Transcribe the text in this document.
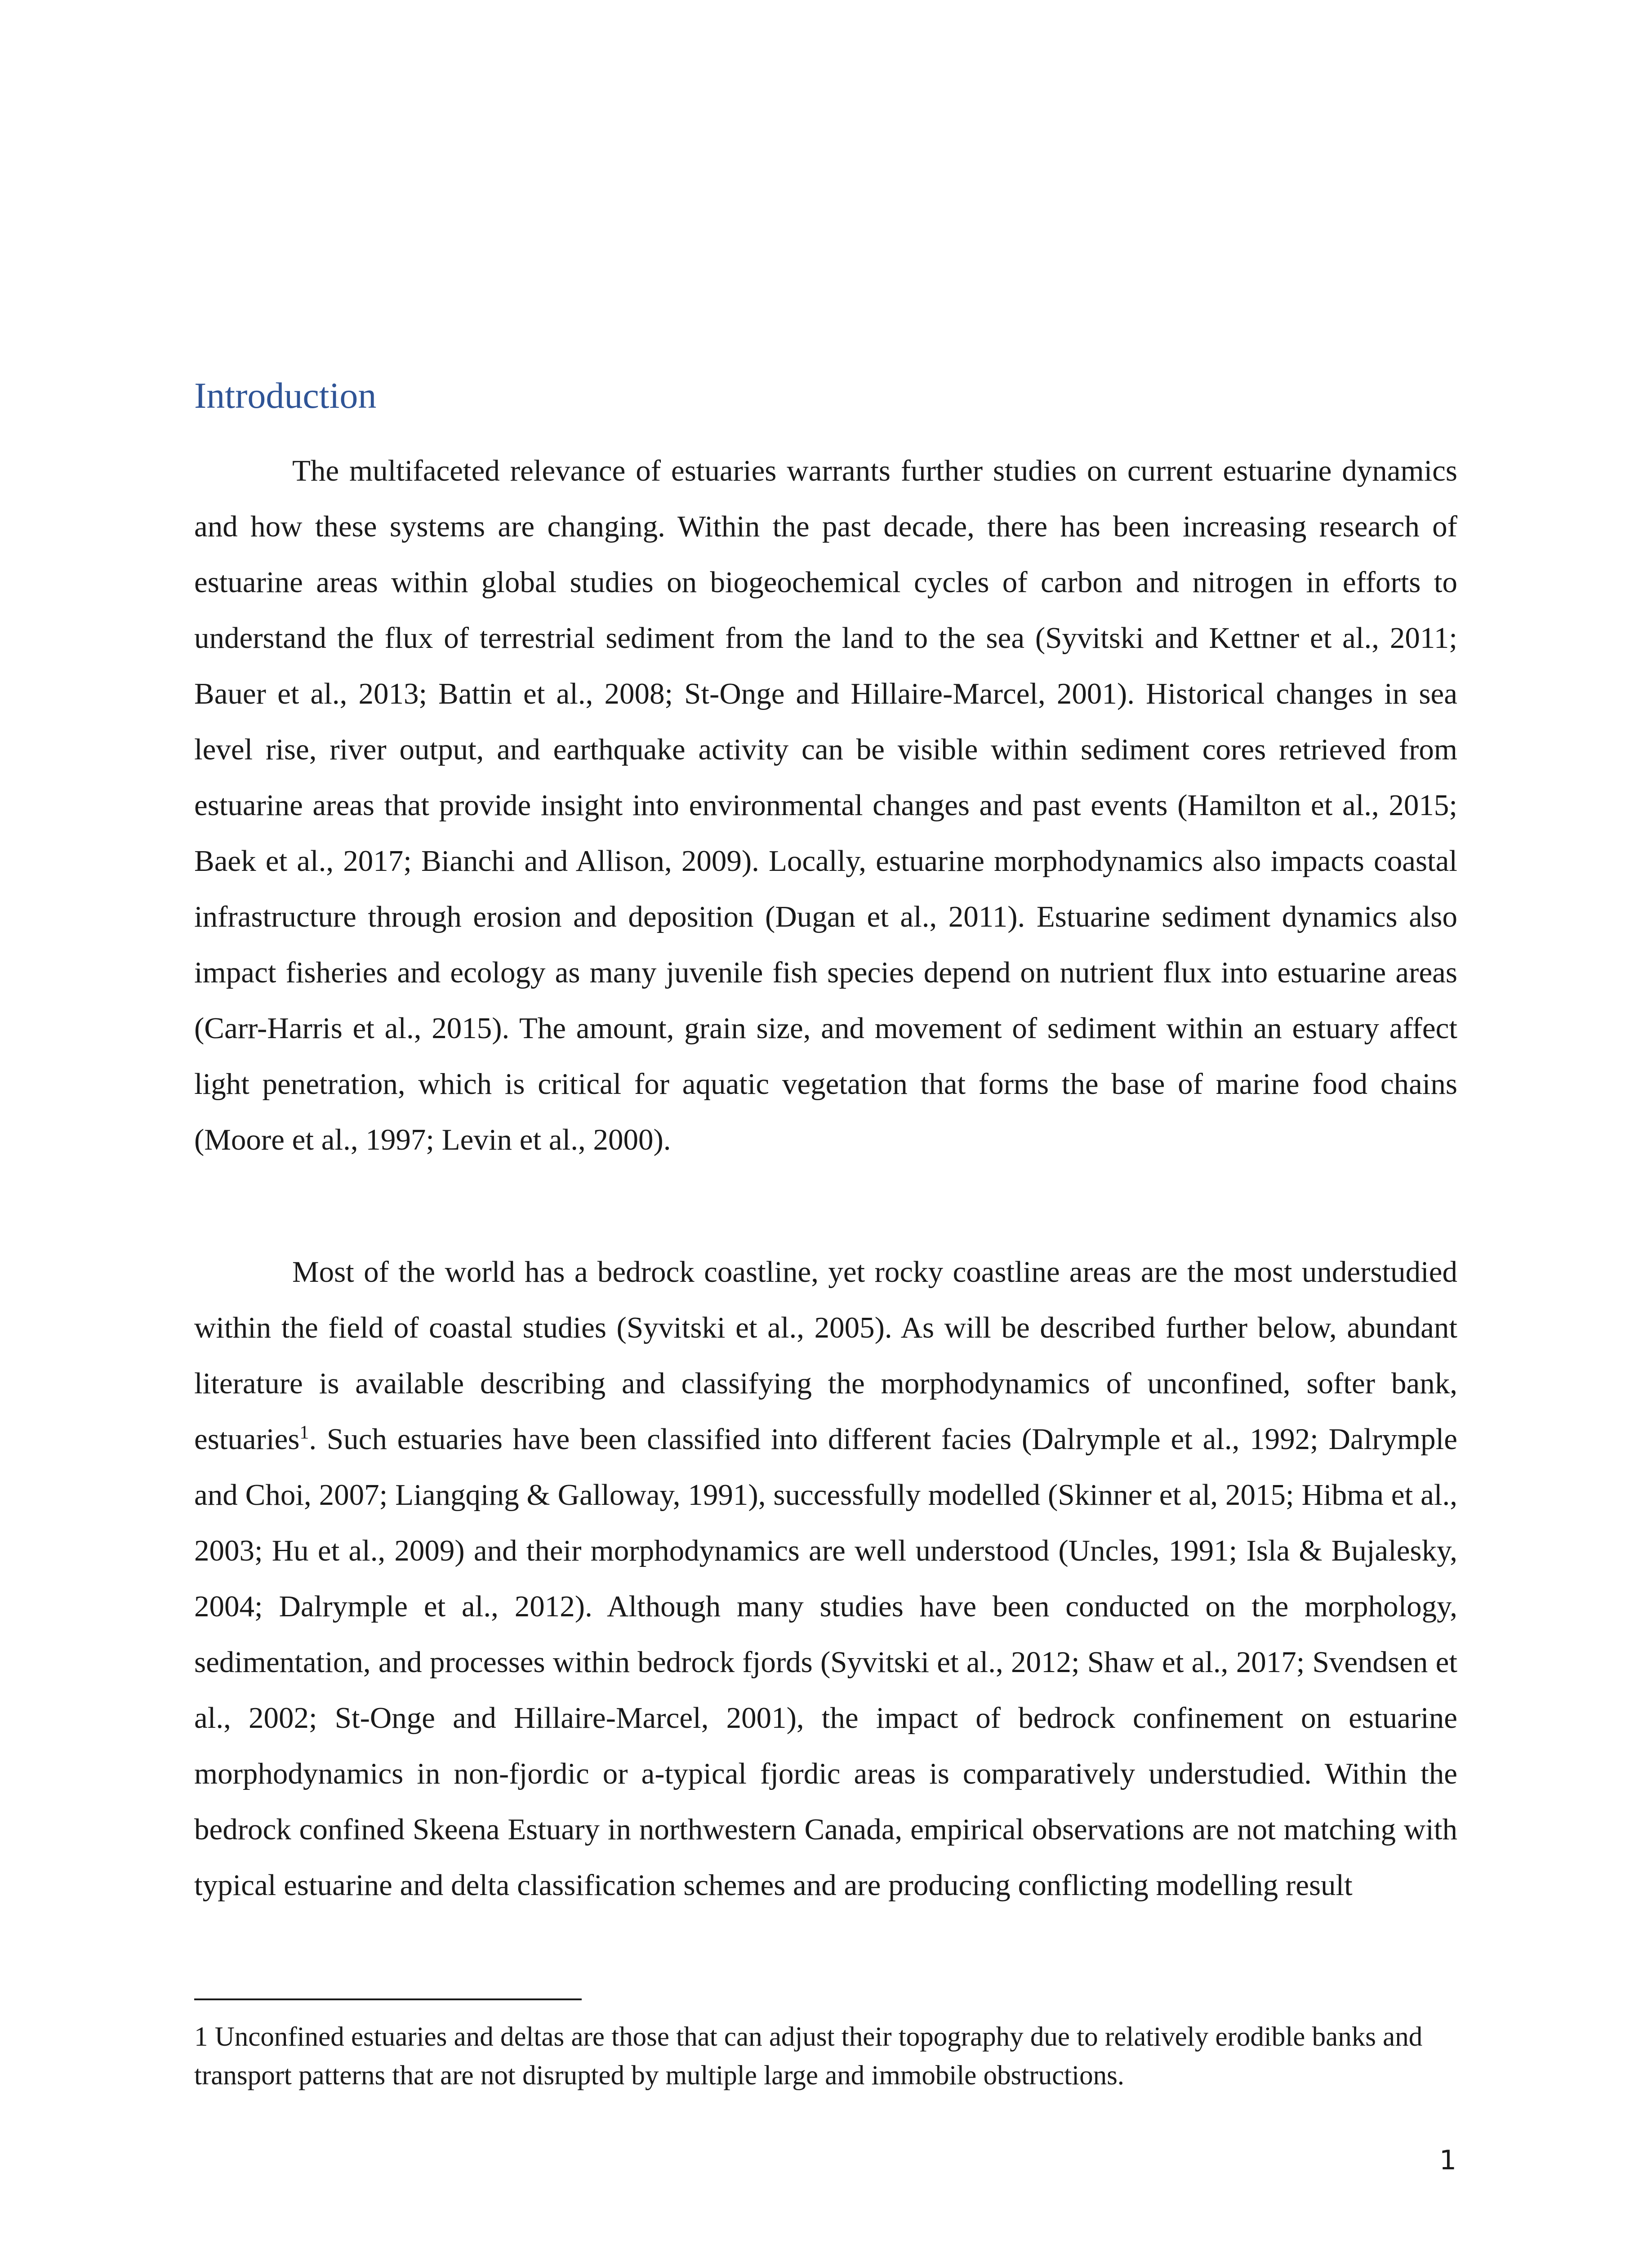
Introduction

The multifaceted relevance of estuaries warrants further studies on current estuarine dynamics and how these systems are changing. Within the past decade, there has been increasing research of estuarine areas within global studies on biogeochemical cycles of carbon and nitrogen in efforts to understand the flux of terrestrial sediment from the land to the sea (Syvitski and Kettner et al., 2011; Bauer et al., 2013; Battin et al., 2008; St-Onge and Hillaire-Marcel, 2001). Historical changes in sea level rise, river output, and earthquake activity can be visible within sediment cores retrieved from estuarine areas that provide insight into environmental changes and past events (Hamilton et al., 2015; Baek et al., 2017; Bianchi and Allison, 2009). Locally, estuarine morphodynamics also impacts coastal infrastructure through erosion and deposition (Dugan et al., 2011). Estuarine sediment dynamics also impact fisheries and ecology as many juvenile fish species depend on nutrient flux into estuarine areas (Carr-Harris et al., 2015). The amount, grain size, and movement of sediment within an estuary affect light penetration, which is critical for aquatic vegetation that forms the base of marine food chains (Moore et al., 1997; Levin et al., 2000).

Most of the world has a bedrock coastline, yet rocky coastline areas are the most understudied within the field of coastal studies (Syvitski et al., 2005). As will be described further below, abundant literature is available describing and classifying the morphodynamics of unconfined, softer bank, estuaries$^1$. Such estuaries have been classified into different facies (Dalrymple et al., 1992; Dalrymple and Choi, 2007; Liangqing & Galloway, 1991), successfully modelled (Skinner et al, 2015; Hibma et al., 2003; Hu et al., 2009) and their morphodynamics are well understood (Uncles, 1991; Isla & Bujalesky, 2004; Dalrymple et al., 2012). Although many studies have been conducted on the morphology, sedimentation, and processes within bedrock fjords (Syvitski et al., 2012; Shaw et al., 2017; Svendsen et al., 2002; St-Onge and Hillaire-Marcel, 2001), the impact of bedrock confinement on estuarine morphodynamics in non-fjordic or a-typical fjordic areas is comparatively understudied. Within the bedrock confined Skeena Estuary in northwestern Canada, empirical observations are not matching with typical estuarine and delta classification schemes and are producing conflicting modelling result

1 Unconfined estuaries and deltas are those that can adjust their topography due to relatively erodible banks and transport patterns that are not disrupted by multiple large and immobile obstructions.

1
